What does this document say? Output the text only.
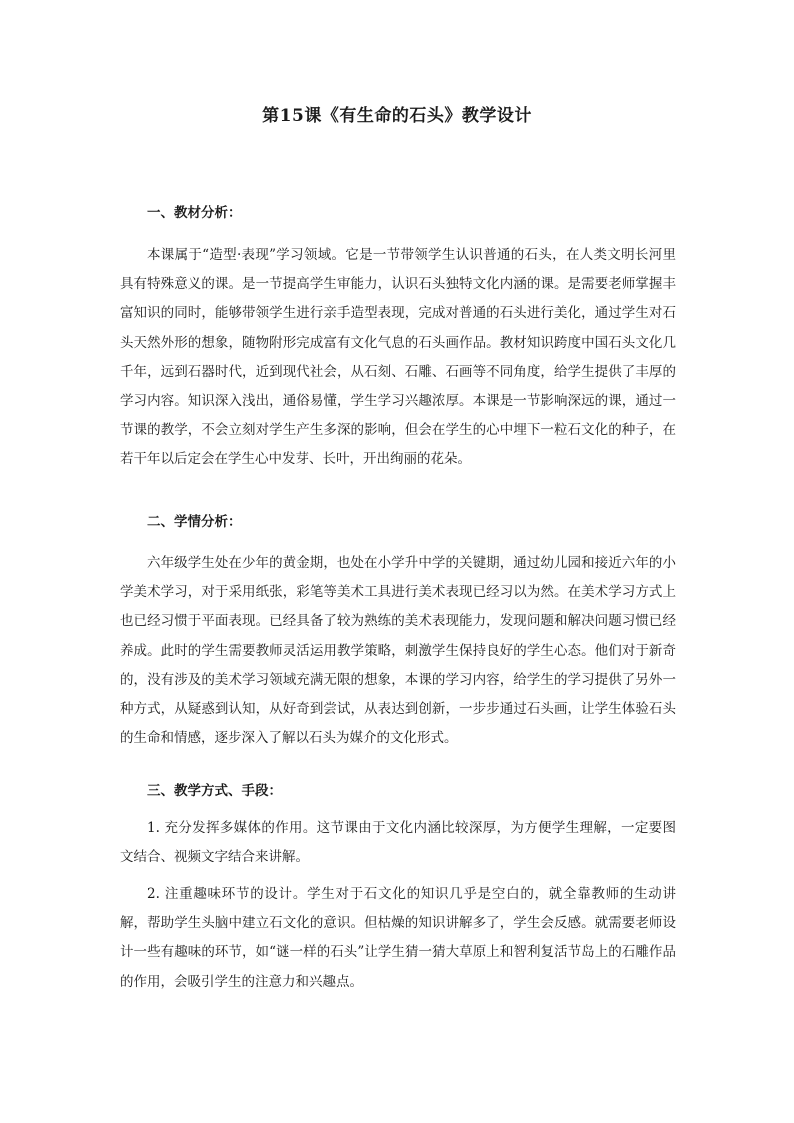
第15课《有生命的石头》教学设计
一、教材分析：
本课属于“造型·表现”学习领域。它是一节带领学生认识普通的石头，在人类文明长河里具有特殊意义的课。是一节提高学生审能力，认识石头独特文化内涵的课。是需要老师掌握丰富知识的同时，能够带领学生进行亲手造型表现，完成对普通的石头进行美化，通过学生对石头天然外形的想象，随物附形完成富有文化气息的石头画作品。教材知识跨度中国石头文化几千年，远到石器时代，近到现代社会，从石刻、石雕、石画等不同角度，给学生提供了丰厚的学习内容。知识深入浅出，通俗易懂，学生学习兴趣浓厚。本课是一节影响深远的课，通过一节课的教学，不会立刻对学生产生多深的影响，但会在学生的心中埋下一粒石文化的种子，在若干年以后定会在学生心中发芽、长叶，开出绚丽的花朵。
二、学情分析：
六年级学生处在少年的黄金期，也处在小学升中学的关键期，通过幼儿园和接近六年的小学美术学习，对于采用纸张，彩笔等美术工具进行美术表现已经习以为然。在美术学习方式上也已经习惯于平面表现。已经具备了较为熟练的美术表现能力，发现问题和解决问题习惯已经养成。此时的学生需要教师灵活运用教学策略，刺激学生保持良好的学生心态。他们对于新奇的，没有涉及的美术学习领域充满无限的想象，本课的学习内容，给学生的学习提供了另外一种方式，从疑惑到认知，从好奇到尝试，从表达到创新，一步步通过石头画，让学生体验石头的生命和情感，逐步深入了解以石头为媒介的文化形式。
三、教学方式、手段：
1. 充分发挥多媒体的作用。这节课由于文化内涵比较深厚，为方便学生理解，一定要图文结合、视频文字结合来讲解。
2. 注重趣味环节的设计。学生对于石文化的知识几乎是空白的，就全靠教师的生动讲解，帮助学生头脑中建立石文化的意识。但枯燥的知识讲解多了，学生会反感。就需要老师设计一些有趣味的环节，如“谜一样的石头”让学生猜一猜大草原上和智利复活节岛上的石雕作品的作用，会吸引学生的注意力和兴趣点。
